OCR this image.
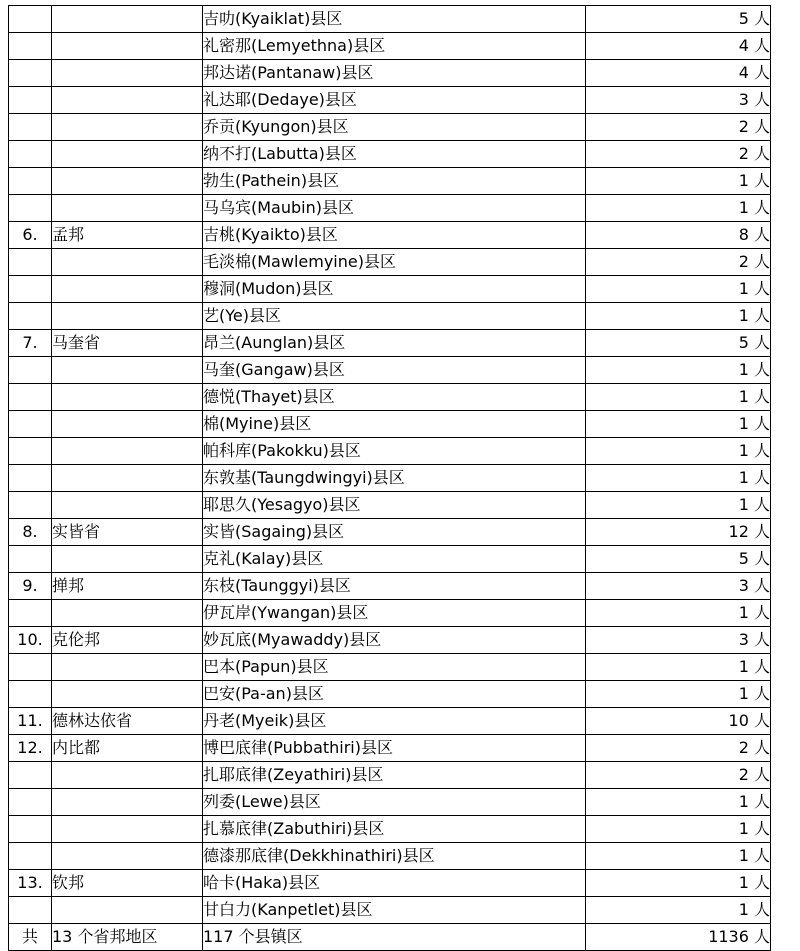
		吉叻(Kyaiklat)县区	5 人
		礼密那(Lemyethna)县区	4 人
		邦达诺(Pantanaw)县区	4 人
		礼达耶(Dedaye)县区	3 人
		乔贡(Kyungon)县区	2 人
		纳不打(Labutta)县区	2 人
		勃生(Pathein)县区	1 人
		马乌宾(Maubin)县区	1 人
6.	孟邦	吉桃(Kyaikto)县区	8 人
		毛淡棉(Mawlemyine)县区	2 人
		穆洞(Mudon)县区	1 人
		艺(Ye)县区	1 人
7.	马奎省	昂兰(Aunglan)县区	5 人
		马奎(Gangaw)县区	1 人
		德悦(Thayet)县区	1 人
		棉(Myine)县区	1 人
		帕科库(Pakokku)县区	1 人
		东敦基(Taungdwingyi)县区	1 人
		耶思久(Yesagyo)县区	1 人
8.	实皆省	实皆(Sagaing)县区	12 人
		克礼(Kalay)县区	5 人
9.	掸邦	东枝(Taunggyi)县区	3 人
		伊瓦岸(Ywangan)县区	1 人
10.	克伦邦	妙瓦底(Myawaddy)县区	3 人
		巴本(Papun)县区	1 人
		巴安(Pa-an)县区	1 人
11.	德林达依省	丹老(Myeik)县区	10 人
12.	内比都	博巴底律(Pubbathiri)县区	2 人
		扎耶底律(Zeyathiri)县区	2 人
		列委(Lewe)县区	1 人
		扎慕底律(Zabuthiri)县区	1 人
		德漆那底律(Dekkhinathiri)县区	1 人
13.	钦邦	哈卡(Haka)县区	1 人
		甘白力(Kanpetlet)县区	1 人
共	13 个省邦地区	117 个县镇区	1136 人
